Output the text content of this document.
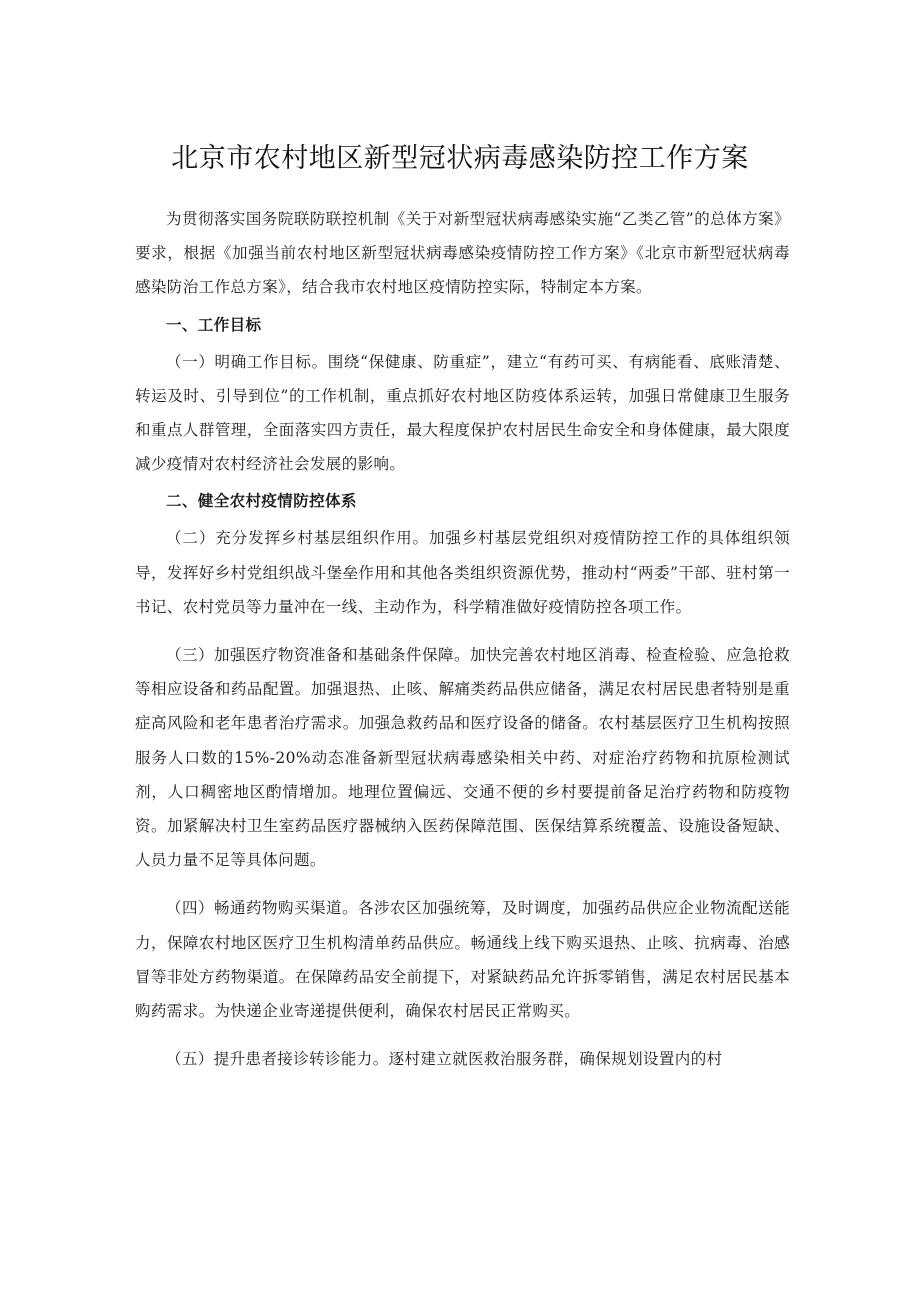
北京市农村地区新型冠状病毒感染防控工作方案

为贯彻落实国务院联防联控机制《关于对新型冠状病毒感染实施“乙类乙管”的总体方案》要求，根据《加强当前农村地区新型冠状病毒感染疫情防控工作方案》《北京市新型冠状病毒感染防治工作总方案》，结合我市农村地区疫情防控实际，特制定本方案。

一、工作目标

（一）明确工作目标。围绕“保健康、防重症”，建立“有药可买、有病能看、底账清楚、转运及时、引导到位”的工作机制，重点抓好农村地区防疫体系运转，加强日常健康卫生服务和重点人群管理，全面落实四方责任，最大程度保护农村居民生命安全和身体健康，最大限度减少疫情对农村经济社会发展的影响。

二、健全农村疫情防控体系

（二）充分发挥乡村基层组织作用。加强乡村基层党组织对疫情防控工作的具体组织领导，发挥好乡村党组织战斗堡垒作用和其他各类组织资源优势，推动村“两委”干部、驻村第一书记、农村党员等力量冲在一线、主动作为，科学精准做好疫情防控各项工作。

（三）加强医疗物资准备和基础条件保障。加快完善农村地区消毒、检查检验、应急抢救等相应设备和药品配置。加强退热、止咳、解痛类药品供应储备，满足农村居民患者特别是重症高风险和老年患者治疗需求。加强急救药品和医疗设备的储备。农村基层医疗卫生机构按照服务人口数的15%-20%动态准备新型冠状病毒感染相关中药、对症治疗药物和抗原检测试剂，人口稠密地区酌情增加。地理位置偏远、交通不便的乡村要提前备足治疗药物和防疫物资。加紧解决村卫生室药品医疗器械纳入医药保障范围、医保结算系统覆盖、设施设备短缺、人员力量不足等具体问题。

（四）畅通药物购买渠道。各涉农区加强统筹，及时调度，加强药品供应企业物流配送能力，保障农村地区医疗卫生机构清单药品供应。畅通线上线下购买退热、止咳、抗病毒、治感冒等非处方药物渠道。在保障药品安全前提下，对紧缺药品允许拆零销售，满足农村居民基本购药需求。为快递企业寄递提供便利，确保农村居民正常购买。

（五）提升患者接诊转诊能力。逐村建立就医救治服务群，确保规划设置内的村
